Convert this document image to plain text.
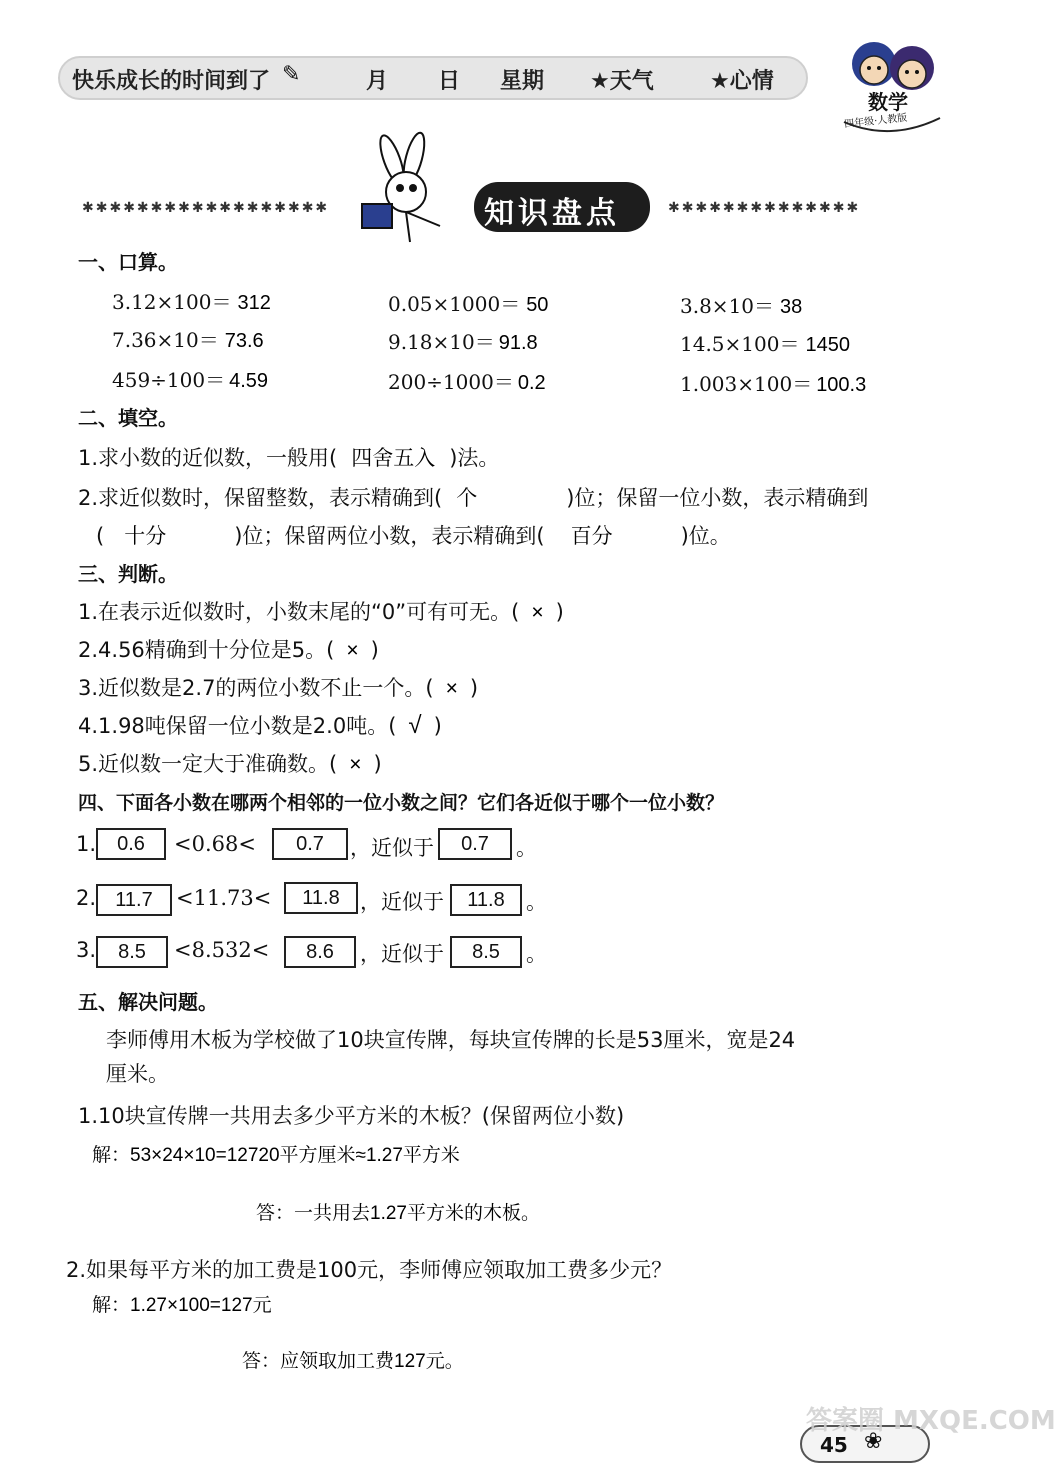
快乐成长的时间到了 ✎	月 日 星期 ★天气	★心情
数学
四年级·人教版
✱✱✱✱✱✱✱✱✱✱✱✱✱✱✱✱✱✱	知识盘点	✱✱✱✱✱✱✱✱✱✱✱✱✱✱
一、口算。
3.12×100＝ 312	0.05×1000＝ 50	3.8×10＝ 38
7.36×10＝ 73.6	9.18×10＝ 91.8	14.5×100＝ 1450
459÷100＝ 4.59	200÷1000＝ 0.2	1.003×100＝ 100.3
二、填空。
1.求小数的近似数，一般用( 四舍五入 )法。
2.求近似数时，保留整数，表示精确到( 个	)位；保留一位小数，表示精确到
( 十分	)位；保留两位小数，表示精确到( 百分	)位。
三、判断。
1.在表示近似数时，小数末尾的“0”可有可无。( × )
2.4.56精确到十分位是5。( × )
3.近似数是2.7的两位小数不止一个。( × )
4.1.98吨保留一位小数是2.0吨。( √ )
5.近似数一定大于准确数。( × )
四、下面各小数在哪两个相邻的一位小数之间？它们各近似于哪个一位小数？
1.	0.6	<0.68<	0.7	，近似于	0.7	。
2. 11.7	<11.73<	11.8 ，近似于	11.8	。
3.	8.5	<8.532<	8.6	，近似于	8.5	。
五、解决问题。
李师傅用木板为学校做了10块宣传牌，每块宣传牌的长是53厘米，宽是24
厘米。
1.10块宣传牌一共用去多少平方米的木板？(保留两位小数)
解：53×24×10=12720平方厘米≈1.27平方米
答：一共用去1.27平方米的木板。
2.如果每平方米的加工费是100元，李师傅应领取加工费多少元？
解：1.27×100=127元
答：应领取加工费127元。
45 ❀
答案圈 MXQE.COM
